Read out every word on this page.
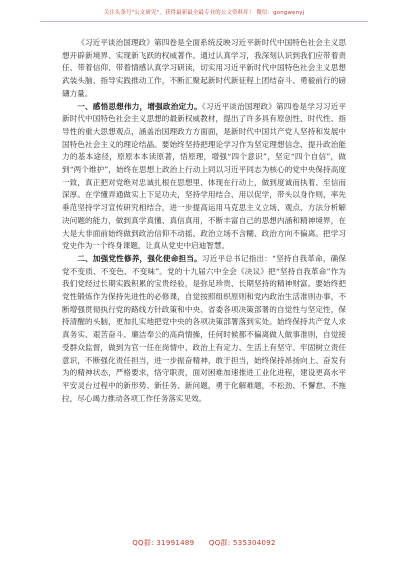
关注头条号"公文研究"，获得最新最全最专业的公文资料库！ 微信：gongwenyj

《习近平谈治国理政》第四卷是全面系统反映习近平新时代中国特色社会主义思想开辟新境界、实现新飞跃的权威著作。通过认真学习，我深刻认识到我们应带着责任、带着信仰、带着情感认真学习研读，切实用习近平新时代中国特色社会主义思想武装头脑、指导实践推动工作，不断汇聚起新时代新征程上团结奋斗、勇毅前行的磅礴力量。

一、感悟思想伟力，增强政治定力。《习近平谈治国理政》第四卷是学习习近平新时代中国特色社会主义思想的最新权威教材，提出了许多具有原创性、时代性、指导性的重大思想观点，涵盖治国理政方方面面，是新时代中国共产党人坚持和发展中国特色社会主义的理论结晶。要始终坚持把理论学习作为坚定理想信念、提升政治能力的基本途径，原原本本读原著，悟原理，增强“四个意识”，坚定“四个自信”，做到“两个维护”，始终在思想上政治上行动上同以习近平同志为核心的党中央保持高度一致，真正把对党绝对忠诚扎根在思想里、体现在行动上，做到度诚而执着、至信而深厚。在学懂弄通做实上下足功夫，坚持学用结合、用以促学，带头以身作则，率先垂范坚持学习宣传研究相结合，进一步提高运用马克思主义立场、观点、方法分析解决问题的能力，做到真学真懂、真信真用，不断丰富自己的思想内涵和精神境界，在大是大非面前始终做到政治信仰不动摇、政治立场不含糊、政治方向不偏离。把学习党史作为一个终身课题，让真从党史中启迪智慧。

二、加强党性修养，强化使命担当。习近平总书记指出：“坚持自我革命，确保党不变质、不变色、不变味”。党的十九届六中全会《决议》把“坚持自我革命”作为我们党经过长期实践积累的宝贵经验，是弥足珍贵、长期坚持的精神财富。要始终把党性锻炼作为保持先进性的必修课，自觉按照组织原则和党内政治生活准则办事，不断增强贯彻执行党的路线方针政策和中央、省委各项决策部署的自觉性与坚定性，保持清醒的头脑，更加扎实地把党中央的各项决策部署落到实处。始终保持共产党人求真务实、艰苦奋斗、廉洁奉公的高尚情操，任何时候都不偏离做人做事准则，自觉接受群众监督，做到为官一任在岗情中、政治上有定力、生活上有坚守。牢固树立责任意识，不断强化责任担当，进一步振奋精神、敢于担当，始终保持昂扬向上、奋发有为的精神状态，严格要求，恪守职责，面对困难加速推进工业化进程，建设更高水平平安灵台过程中的新形势、新任务、新问题，勇于化解难题，不松劲、不懈怠、不拖拉，尽心竭力推动各项工作任务落实见效。

QQ群: 31991489 QQ群: 535304092
